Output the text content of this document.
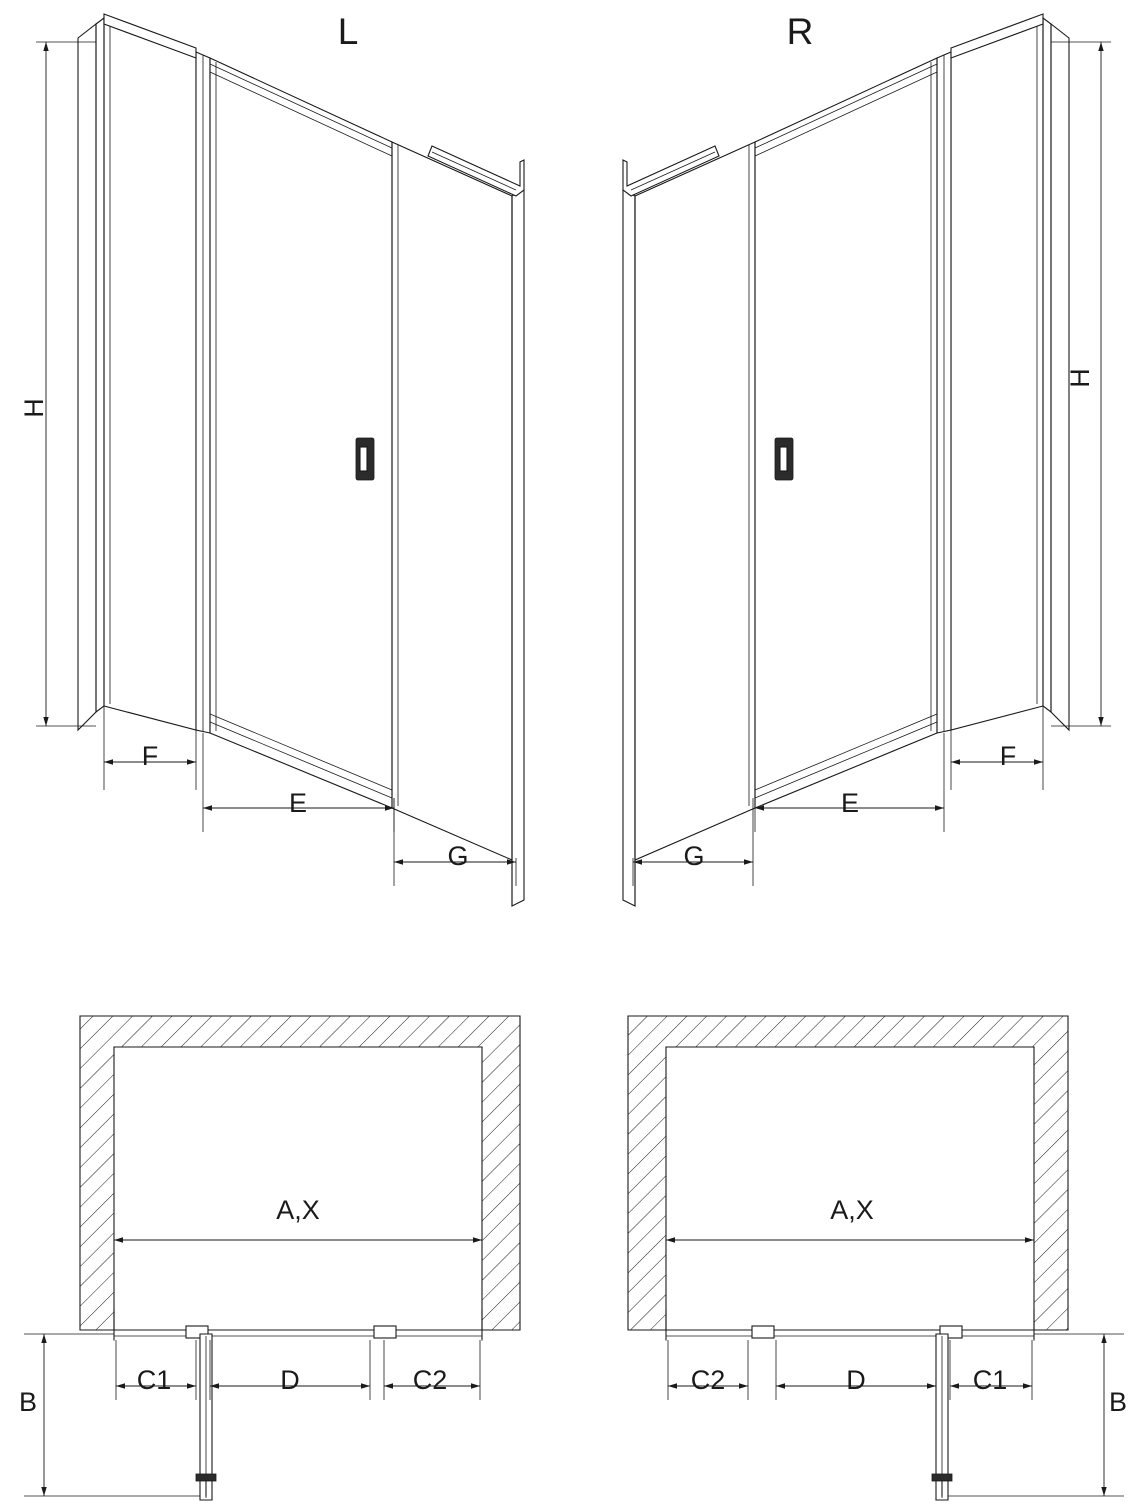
H
F
E
G
L
H
F
E
G
R
A,X
C1	D	C2
B
A,X
C2	D	C1
B
